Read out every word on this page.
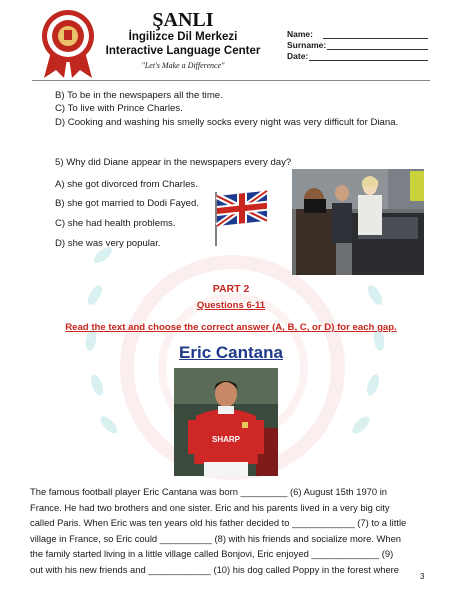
ŞANLI
İngilizce Dil Merkezi
Interactive Language Center
"Let's Make a Difference"
Name:
Surname:
Date:
B) To be in the newspapers all the time.
C) To live with Prince Charles.
D) Cooking and washing his smelly socks every night was very difficult for Diana.
5) Why did Diane appear in the newspapers every day?
A) she got divorced from Charles.
B) she got married to Dodi Fayed.
C) she had health problems.
D) she was very popular.
PART 2
Questions 6-11
Read the text and choose the correct answer (A, B, C, or D) for each gap.
Eric Cantana
SHARP
The famous football player Eric Cantana was born _________ (6) August 15th 1970 in
France. He had two brothers and one sister. Eric and his parents lived in a very big city
called Paris. When Eric was ten years old his father decided to ____________ (7) to a little
village in France, so Eric could __________ (8) with his friends and socialize more. When
the family started living in a little village called Bonjovi, Eric enjoyed _____________ (9)
out with his new friends and ____________ (10) his dog called Poppy in the forest where
3
